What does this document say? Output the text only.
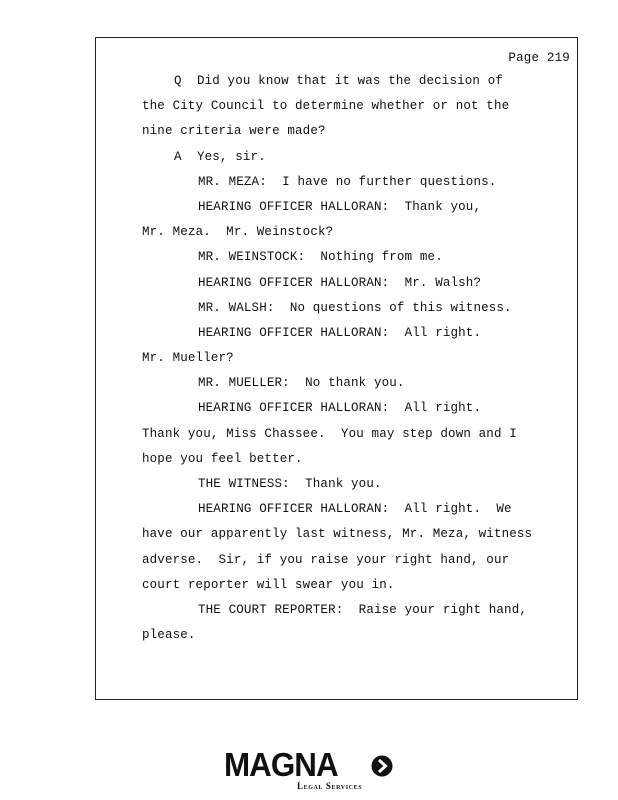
Page 219
Q  Did you know that it was the decision of
the City Council to determine whether or not the
nine criteria were made?
A  Yes, sir.
MR. MEZA:  I have no further questions.
HEARING OFFICER HALLORAN:  Thank you,
Mr. Meza.  Mr. Weinstock?
MR. WEINSTOCK:  Nothing from me.
HEARING OFFICER HALLORAN:  Mr. Walsh?
MR. WALSH:  No questions of this witness.
HEARING OFFICER HALLORAN:  All right.
Mr. Mueller?
MR. MUELLER:  No thank you.
HEARING OFFICER HALLORAN:  All right.
Thank you, Miss Chassee.  You may step down and I
hope you feel better.
THE WITNESS:  Thank you.
HEARING OFFICER HALLORAN:  All right.  We
have our apparently last witness, Mr. Meza, witness
adverse.  Sir, if you raise your right hand, our
court reporter will swear you in.
THE COURT REPORTER:  Raise your right hand,
please.
MAGNA
Legal Services
